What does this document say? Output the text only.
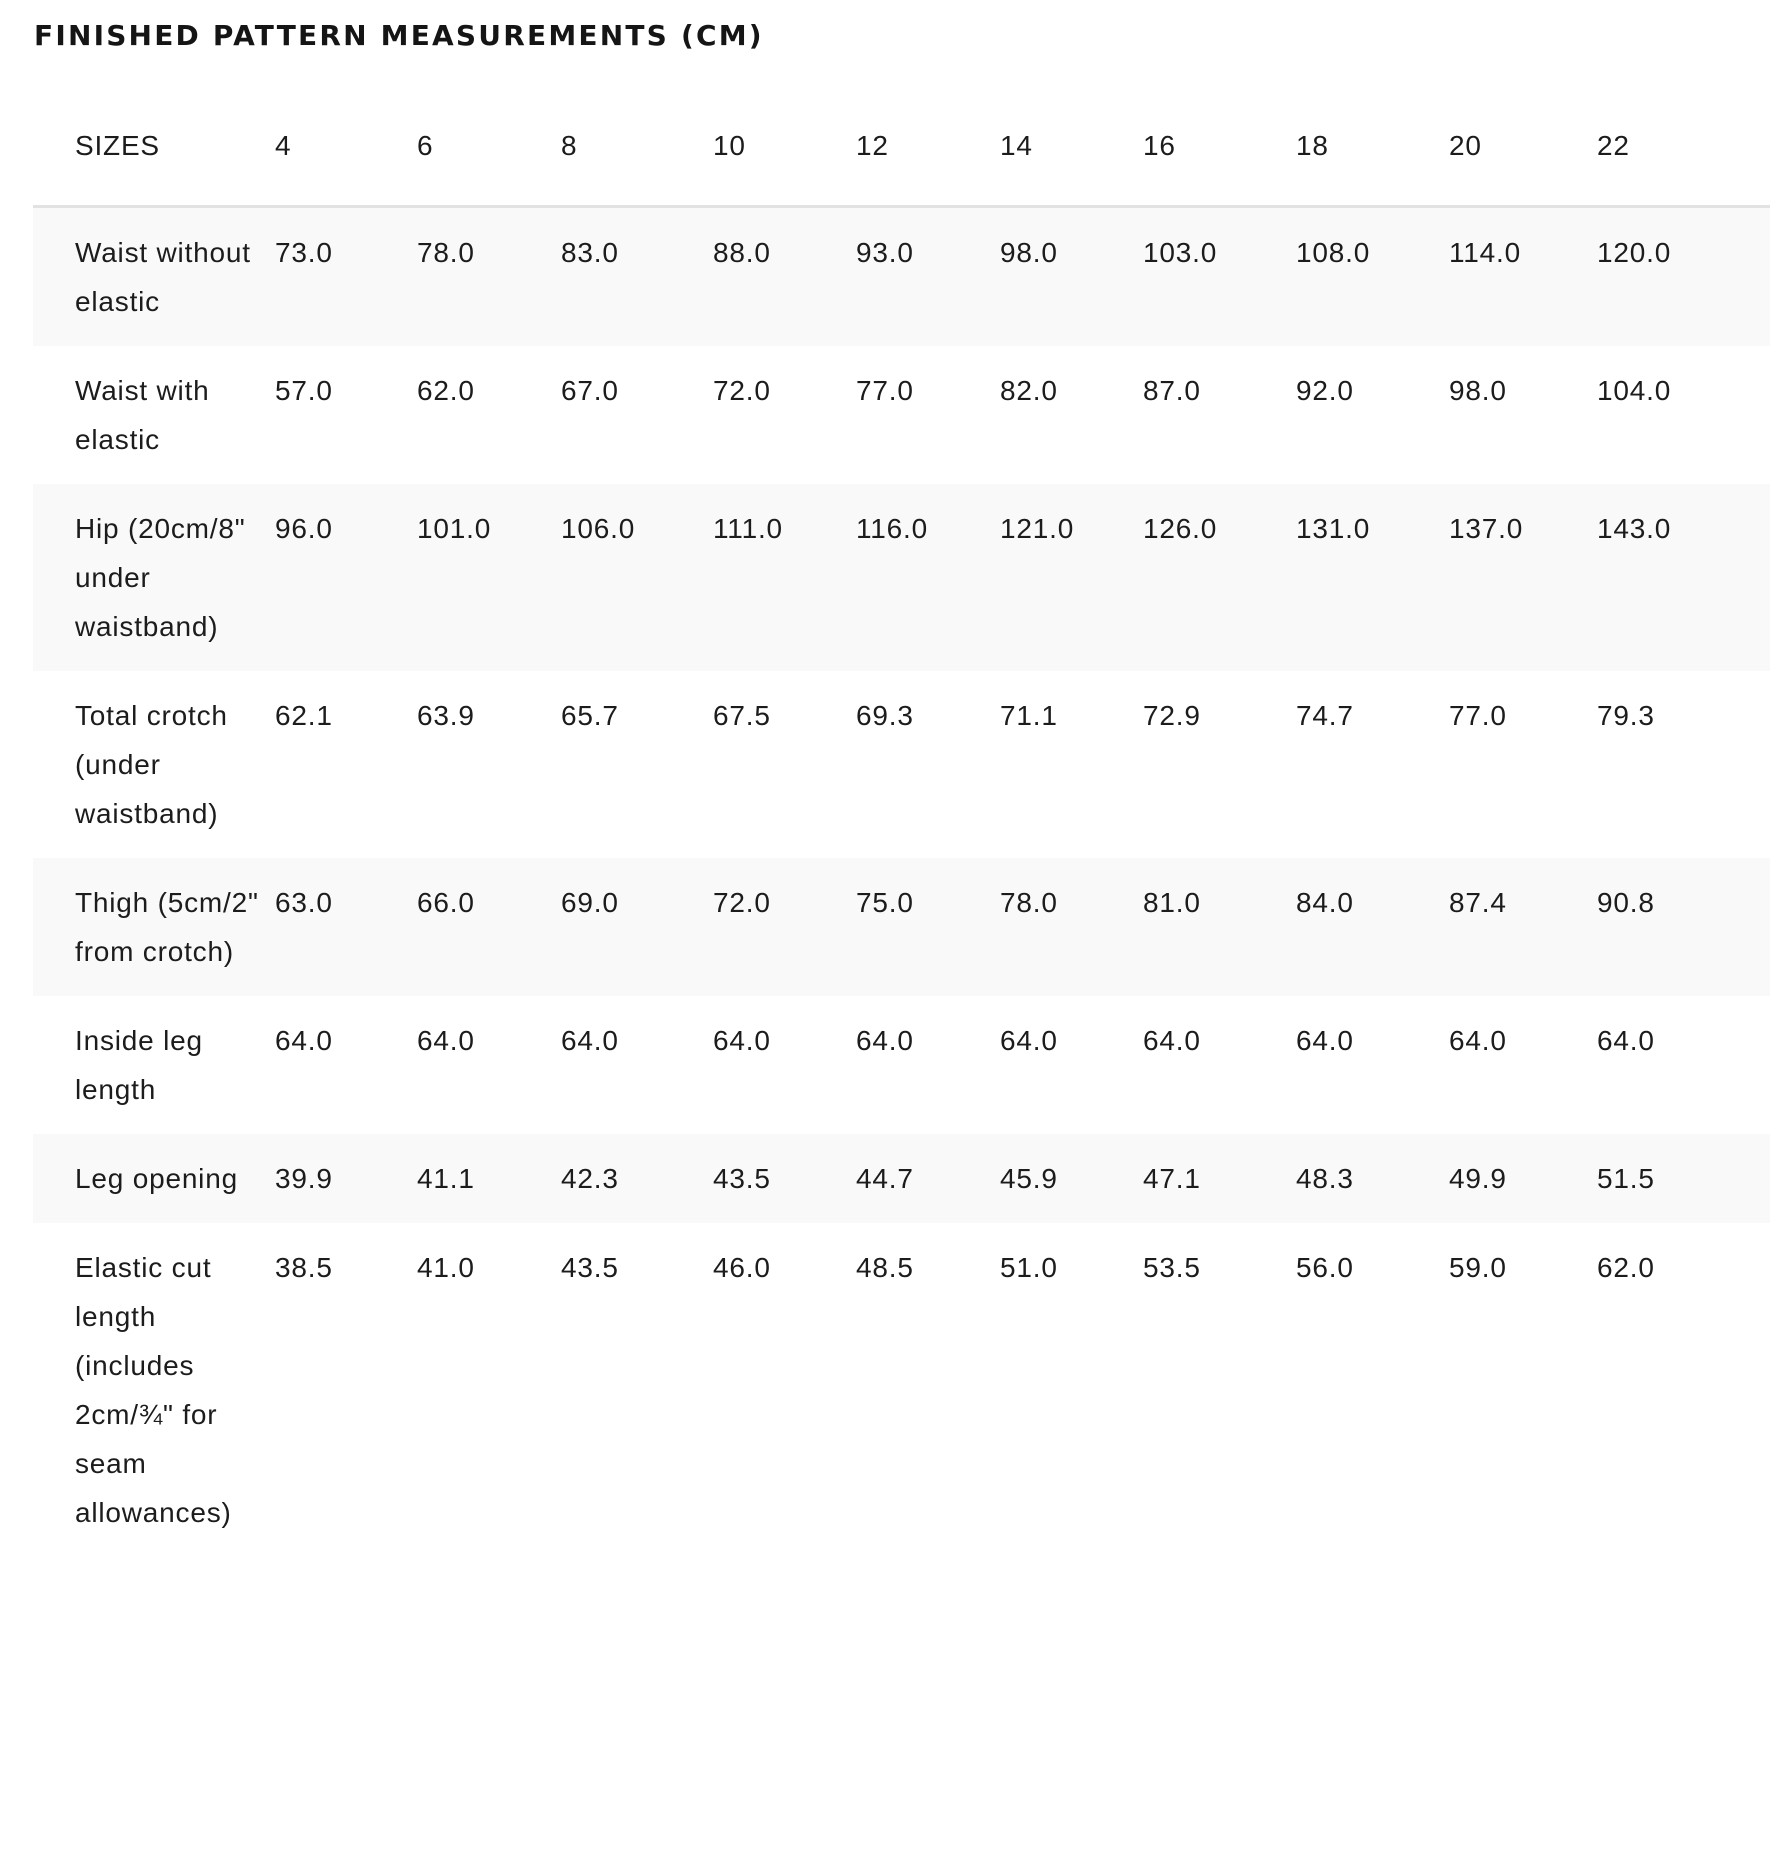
FINISHED PATTERN MEASUREMENTS (CM)
SIZES	4	6	8	10	12	14	16	18	20	22
Waist without elastic	73.0	78.0	83.0	88.0	93.0	98.0	103.0	108.0	114.0	120.0
Waist with elastic	57.0	62.0	67.0	72.0	77.0	82.0	87.0	92.0	98.0	104.0
Hip (20cm/8" under waistband)	96.0	101.0	106.0	111.0	116.0	121.0	126.0	131.0	137.0	143.0
Total crotch (under waistband)	62.1	63.9	65.7	67.5	69.3	71.1	72.9	74.7	77.0	79.3
Thigh (5cm/2" from crotch)	63.0	66.0	69.0	72.0	75.0	78.0	81.0	84.0	87.4	90.8
Inside leg length	64.0	64.0	64.0	64.0	64.0	64.0	64.0	64.0	64.0	64.0
Leg opening	39.9	41.1	42.3	43.5	44.7	45.9	47.1	48.3	49.9	51.5
Elastic cut length (includes 2cm/¾" for seam allowances)	38.5	41.0	43.5	46.0	48.5	51.0	53.5	56.0	59.0	62.0
